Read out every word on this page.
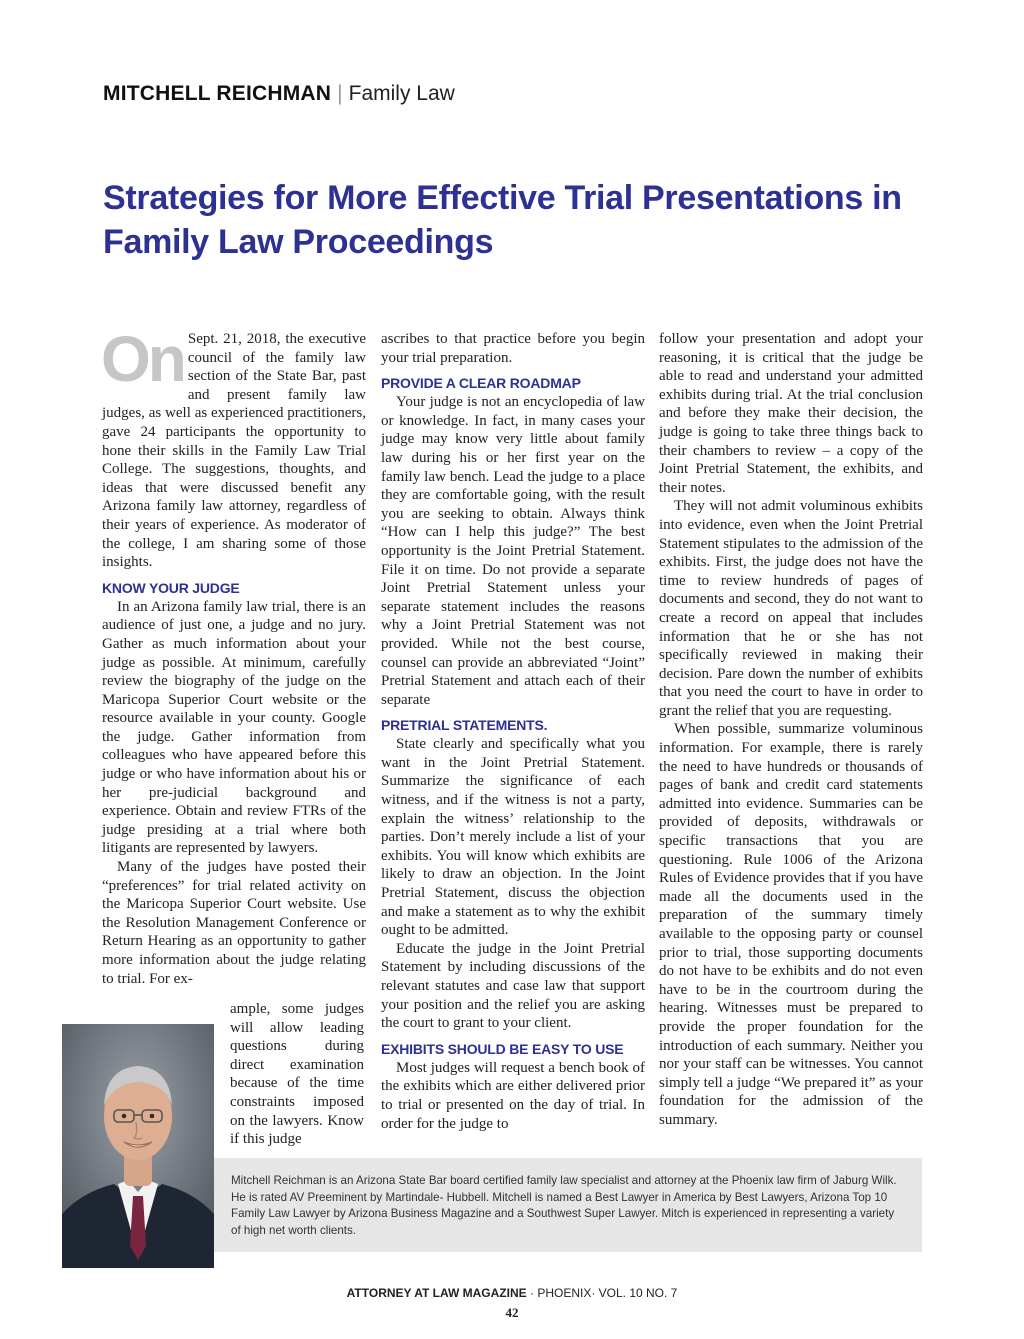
MITCHELL REICHMAN | Family Law
Strategies for More Effective Trial Presentations in Family Law Proceedings
On Sept. 21, 2018, the executive council of the family law section of the State Bar, past and present family law judges, as well as experienced practitioners, gave 24 participants the opportunity to hone their skills in the Family Law Trial College. The suggestions, thoughts, and ideas that were discussed benefit any Arizona family law attorney, regardless of their years of experience. As moderator of the college, I am sharing some of those insights.

KNOW YOUR JUDGE

In an Arizona family law trial, there is an audience of just one, a judge and no jury. Gather as much information about your judge as possible. At minimum, carefully review the biography of the judge on the Maricopa Superior Court website or the resource available in your county. Google the judge. Gather information from colleagues who have appeared before this judge or who have information about his or her pre-judicial background and experience. Obtain and review FTRs of the judge presiding at a trial where both litigants are represented by lawyers.

Many of the judges have posted their “preferences” for trial related activity on the Maricopa Superior Court website. Use the Resolution Management Conference or Return Hearing as an opportunity to gather more information about the judge relating to trial. For ex-

ample, some judges will allow leading questions during direct examination because of the time constraints imposed on the lawyers. Know if this judge

ascribes to that practice before you begin your trial preparation.

PROVIDE A CLEAR ROADMAP

Your judge is not an encyclopedia of law or knowledge. In fact, in many cases your judge may know very little about family law during his or her first year on the family law bench. Lead the judge to a place they are comfortable going, with the result you are seeking to obtain. Always think “How can I help this judge?” The best opportunity is the Joint Pretrial Statement. File it on time. Do not provide a separate Joint Pretrial Statement unless your separate statement includes the reasons why a Joint Pretrial Statement was not provided. While not the best course, counsel can provide an abbreviated “Joint” Pretrial Statement and attach each of their separate

PRETRIAL STATEMENTS.

State clearly and specifically what you want in the Joint Pretrial Statement. Summarize the significance of each witness, and if the witness is not a party, explain the witness’ relationship to the parties. Don’t merely include a list of your exhibits. You will know which exhibits are likely to draw an objection. In the Joint Pretrial Statement, discuss the objection and make a statement as to why the exhibit ought to be admitted.

Educate the judge in the Joint Pretrial Statement by including discussions of the relevant statutes and case law that support your position and the relief you are asking the court to grant to your client.

EXHIBITS SHOULD BE EASY TO USE

Most judges will request a bench book of the exhibits which are either delivered prior to trial or presented on the day of trial. In order for the judge to

follow your presentation and adopt your reasoning, it is critical that the judge be able to read and understand your admitted exhibits during trial. At the trial conclusion and before they make their decision, the judge is going to take three things back to their chambers to review – a copy of the Joint Pretrial Statement, the exhibits, and their notes.

They will not admit voluminous exhibits into evidence, even when the Joint Pretrial Statement stipulates to the admission of the exhibits. First, the judge does not have the time to review hundreds of pages of documents and second, they do not want to create a record on appeal that includes information that he or she has not specifically reviewed in making their decision. Pare down the number of exhibits that you need the court to have in order to grant the relief that you are requesting.

When possible, summarize voluminous information. For example, there is rarely the need to have hundreds or thousands of pages of bank and credit card statements admitted into evidence. Summaries can be provided of deposits, withdrawals or specific transactions that you are questioning. Rule 1006 of the Arizona Rules of Evidence provides that if you have made all the documents used in the preparation of the summary timely available to the opposing party or counsel prior to trial, those supporting documents do not have to be exhibits and do not even have to be in the courtroom during the hearing. Witnesses must be prepared to provide the proper foundation for the introduction of each summary. Neither you nor your staff can be witnesses. You cannot simply tell a judge “We prepared it” as your foundation for the admission of the summary.

Mitchell Reichman is an Arizona State Bar board certified family law specialist and attorney at the Phoenix law firm of Jaburg Wilk. He is rated AV Preeminent by Martindale- Hubbell. Mitchell is named a Best Lawyer in America by Best Lawyers, Arizona Top 10 Family Law Lawyer by Arizona Business Magazine and a Southwest Super Lawyer. Mitch is experienced in representing a variety of high net worth clients.
ATTORNEY AT LAW MAGAZINE · PHOENIX· VOL. 10 NO. 7
42
